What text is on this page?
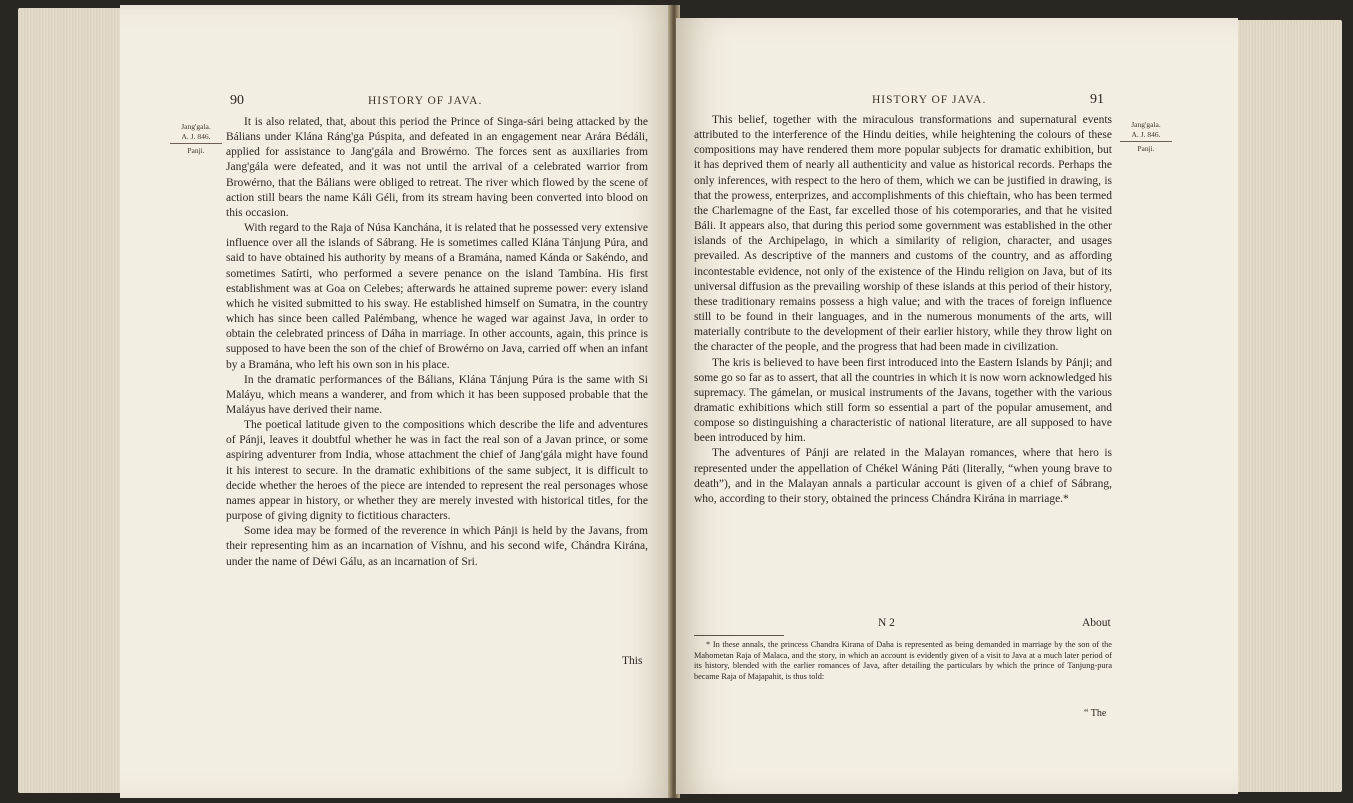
90	HISTORY OF JAVA.
Jang'gala.
A. J. 846.
Panji.

It is also related, that, about this period the Prince of Singa-sári being attacked by the Bálians under Klána Ráng'ga Púspita, and defeated in an engagement near Arára Bédáli, applied for assistance to Jang'gála and Browérno. The forces sent as auxiliaries from Jang'gála were defeated, and it was not until the arrival of a celebrated warrior from Browérno, that the Bálians were obliged to retreat. The river which flowed by the scene of action still bears the name Káli Géli, from its stream having been converted into blood on this occasion.

With regard to the Raja of Núsa Kanchána, it is related that he possessed very extensive influence over all the islands of Sábrang. He is sometimes called Klána Tánjung Púra, and said to have obtained his authority by means of a Bramána, named Kánda or Sakéndo, and sometimes Satírti, who performed a severe penance on the island Tambína. His first establishment was at Goa on Celebes; afterwards he attained supreme power: every island which he visited submitted to his sway. He established himself on Sumatra, in the country which has since been called Palémbang, whence he waged war against Java, in order to obtain the celebrated princess of Dáha in marriage. In other accounts, again, this prince is supposed to have been the son of the chief of Browérno on Java, carried off when an infant by a Bramána, who left his own son in his place.

In the dramatic performances of the Bálians, Klána Tánjung Púra is the same with Si Maláyu, which means a wanderer, and from which it has been supposed probable that the Maláyus have derived their name.

The poetical latitude given to the compositions which describe the life and adventures of Pánji, leaves it doubtful whether he was in fact the real son of a Javan prince, or some aspiring adventurer from India, whose attachment the chief of Jang'gála might have found it his interest to secure. In the dramatic exhibitions of the same subject, it is difficult to decide whether the heroes of the piece are intended to represent the real personages whose names appear in history, or whether they are merely invested with historical titles, for the purpose of giving dignity to fictitious characters.

Some idea may be formed of the reverence in which Pánji is held by the Javans, from their representing him as an incarnation of Víshnu, and his second wife, Chándra Kirána, under the name of Déwi Gálu, as an incarnation of Sri.

This
HISTORY OF JAVA.	91
Jang'gala.
A. J. 846.
Panji.

This belief, together with the miraculous transformations and supernatural events attributed to the interference of the Hindu deities, while heightening the colours of these compositions may have rendered them more popular subjects for dramatic exhibition, but it has deprived them of nearly all authenticity and value as historical records. Perhaps the only inferences, with respect to the hero of them, which we can be justified in drawing, is that the prowess, enterprizes, and accomplishments of this chieftain, who has been termed the Charlemagne of the East, far excelled those of his cotemporaries, and that he visited Báli. It appears also, that during this period some government was established in the other islands of the Archipelago, in which a similarity of religion, character, and usages prevailed. As descriptive of the manners and customs of the country, and as affording incontestable evidence, not only of the existence of the Hindu religion on Java, but of its universal diffusion as the prevailing worship of these islands at this period of their history, these traditionary remains possess a high value; and with the traces of foreign influence still to be found in their languages, and in the numerous monuments of the arts, will materially contribute to the development of their earlier history, while they throw light on the character of the people, and the progress that had been made in civilization.

The kris is believed to have been first introduced into the Eastern Islands by Pánji; and some go so far as to assert, that all the countries in which it is now worn acknowledged his supremacy. The gámelan, or musical instruments of the Javans, together with the various dramatic exhibitions which still form so essential a part of the popular amusement, and compose so distinguishing a characteristic of national literature, are all supposed to have been introduced by him.

The adventures of Pánji are related in the Malayan romances, where that hero is represented under the appellation of Chékel Wáning Páti (literally, “when young brave to death”), and in the Malayan annals a particular account is given of a chief of Sábrang, who, according to their story, obtained the princess Chándra Kirána in marriage.*

N 2	About

* In these annals, the princess Chandra Kirana of Daha is represented as being demanded in marriage by the son of the Mahometan Raja of Malaca, and the story, in which an account is evidently given of a visit to Java at a much later period of its history, blended with the earlier romances of Java, after detailing the particulars by which the prince of Tanjung-pura became Raja of Majapahit, is thus told:

“ The
